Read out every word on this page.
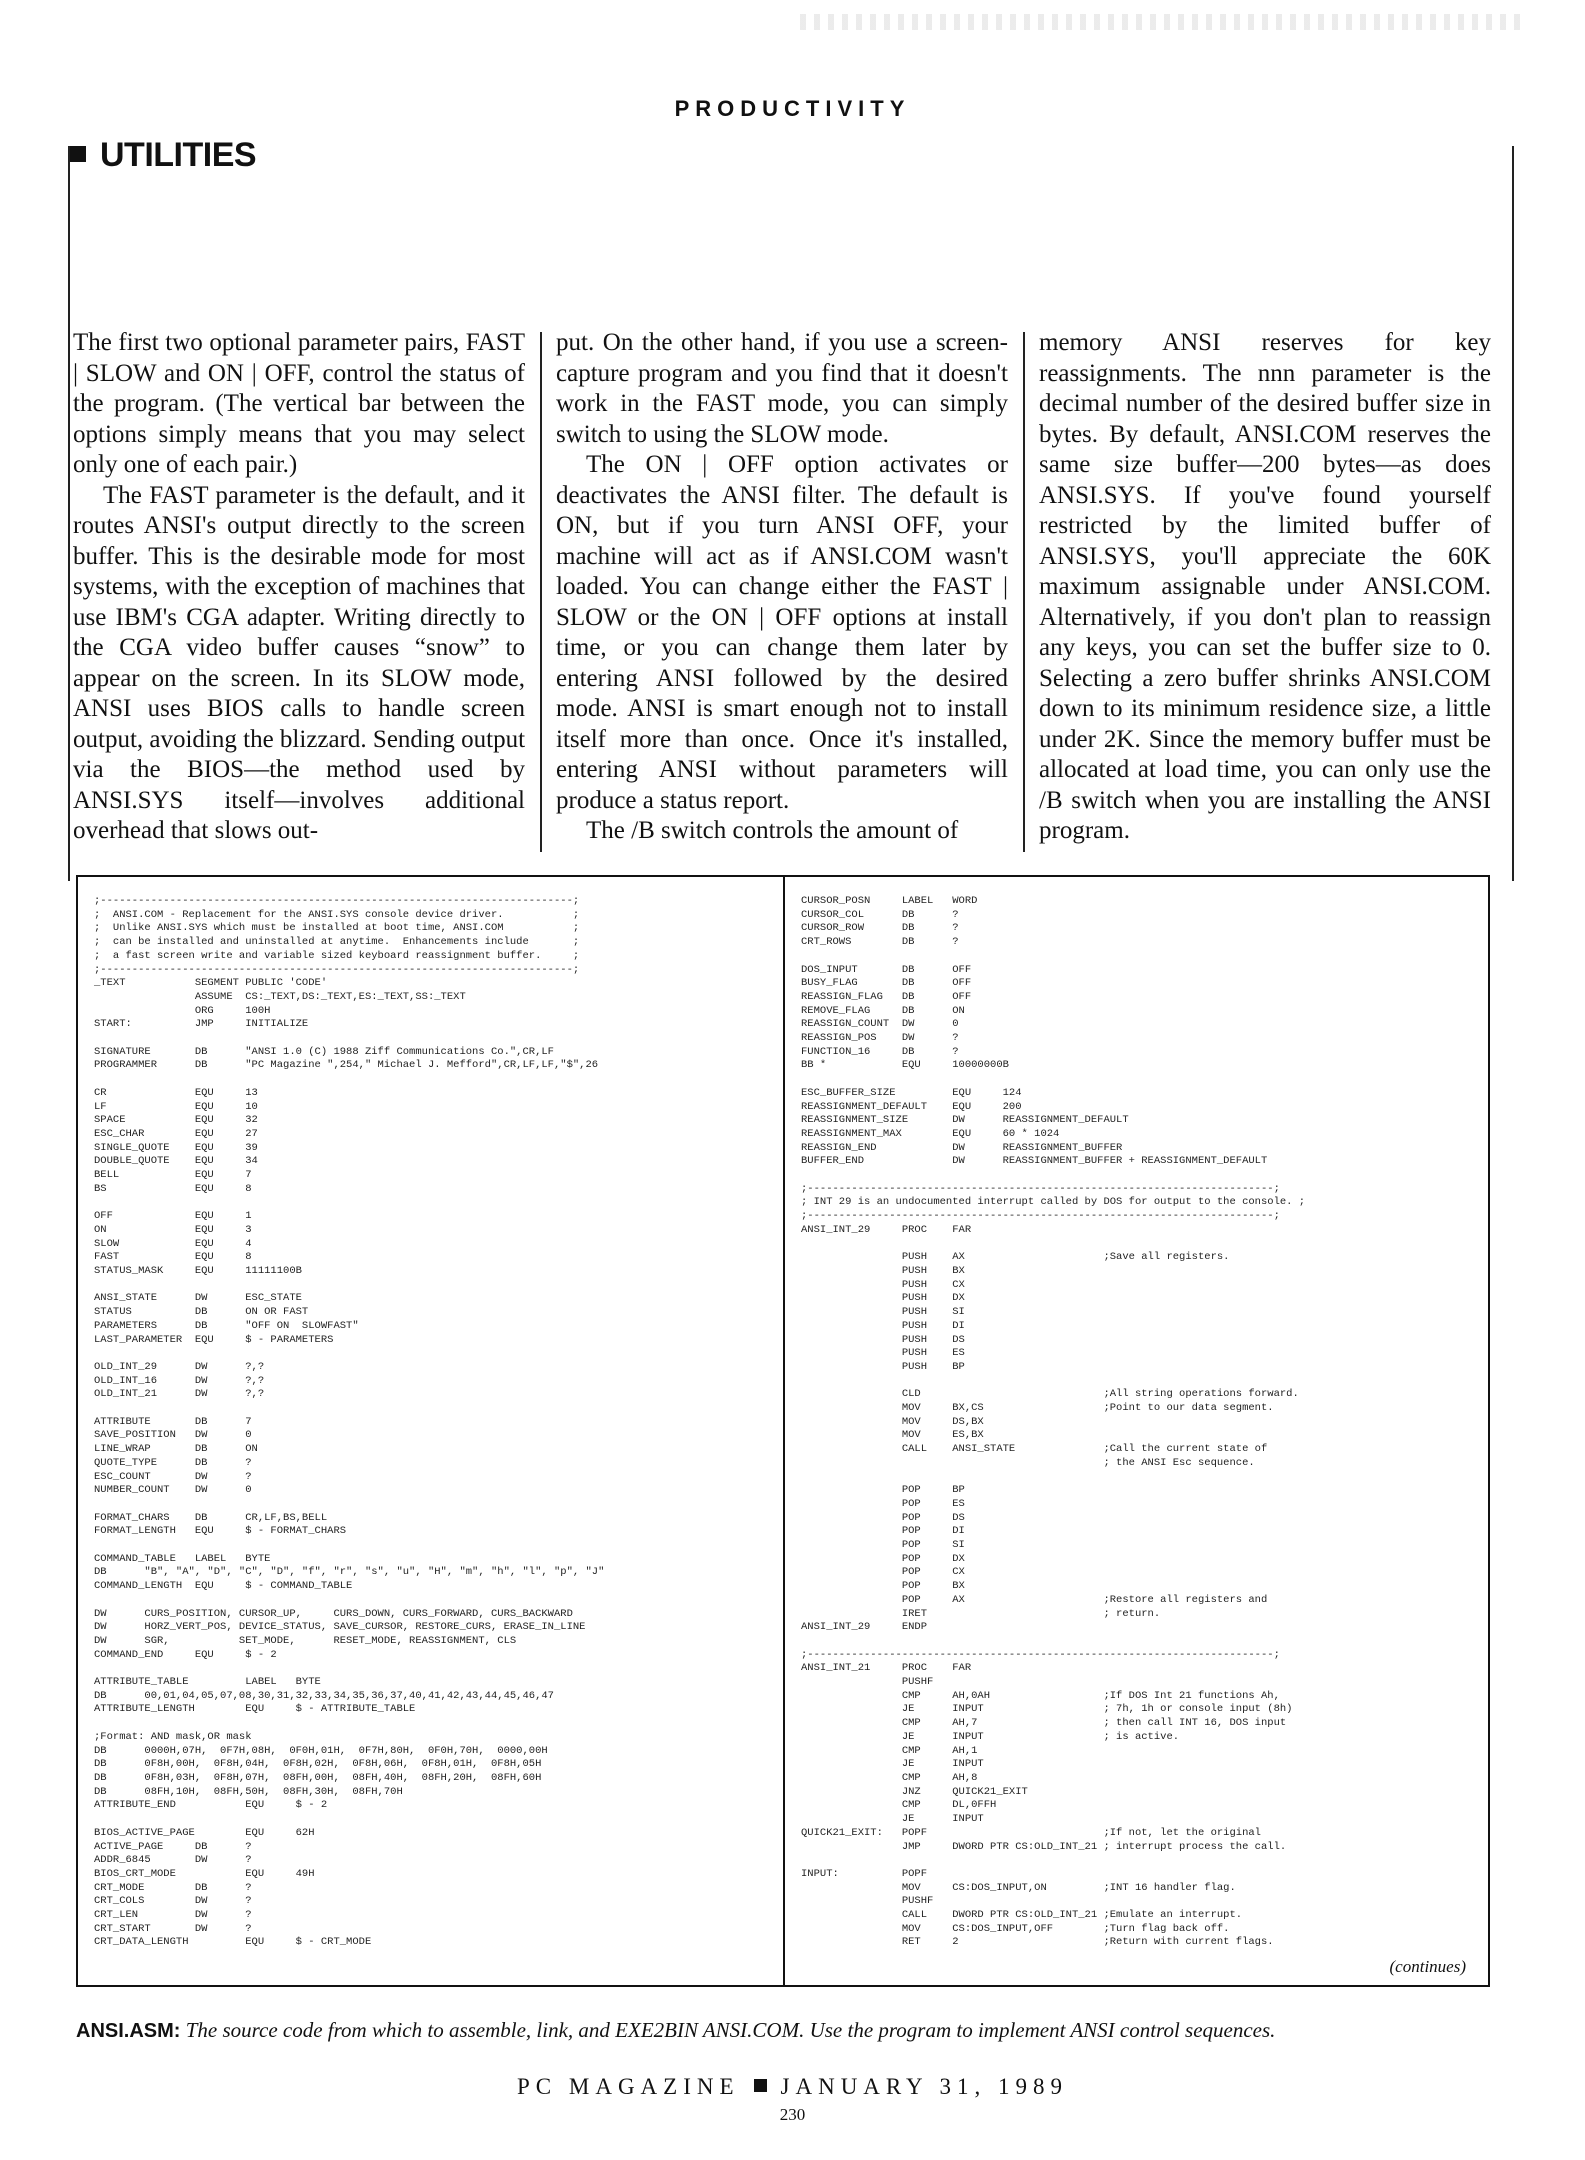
PRODUCTIVITY
UTILITIES

The first two optional parameter pairs, FAST | SLOW and ON | OFF, control the status of the program. (The vertical bar between the options simply means that you may select only one of each pair.)

The FAST parameter is the default, and it routes ANSI's output directly to the screen buffer. This is the desirable mode for most systems, with the exception of machines that use IBM's CGA adapter. Writing directly to the CGA video buffer causes “snow” to appear on the screen. In its SLOW mode, ANSI uses BIOS calls to handle screen output, avoiding the blizzard. Sending output via the BIOS—the method used by ANSI.SYS itself—involves additional overhead that slows out-

put. On the other hand, if you use a screen-capture program and you find that it doesn't work in the FAST mode, you can simply switch to using the SLOW mode.

The ON | OFF option activates or deactivates the ANSI filter. The default is ON, but if you turn ANSI OFF, your machine will act as if ANSI.COM wasn't loaded. You can change either the FAST | SLOW or the ON | OFF options at install time, or you can change them later by entering ANSI followed by the desired mode. ANSI is smart enough not to install itself more than once. Once it's installed, entering ANSI without parameters will produce a status report.

The /B switch controls the amount of

memory ANSI reserves for key reassignments. The nnn parameter is the decimal number of the desired buffer size in bytes. By default, ANSI.COM reserves the same size buffer—200 bytes—as does ANSI.SYS. If you've found yourself restricted by the limited buffer of ANSI.SYS, you'll appreciate the 60K maximum assignable under ANSI.COM. Alternatively, if you don't plan to reassign any keys, you can set the buffer size to 0. Selecting a zero buffer shrinks ANSI.COM down to its minimum residence size, a little under 2K. Since the memory buffer must be allocated at load time, you can only use the /B switch when you are installing the ANSI program.

;---------------------------------------------------------------------------;
;  ANSI.COM - Replacement for the ANSI.SYS console device driver.           ;
;  Unlike ANSI.SYS which must be installed at boot time, ANSI.COM           ;
;  can be installed and uninstalled at anytime.  Enhancements include       ;
;  a fast screen write and variable sized keyboard reassignment buffer.     ;
;---------------------------------------------------------------------------;
_TEXT           SEGMENT PUBLIC 'CODE'
ASSUME  CS:_TEXT,DS:_TEXT,ES:_TEXT,SS:_TEXT
ORG     100H
START:          JMP     INITIALIZE

SIGNATURE       DB      "ANSI 1.0 (C) 1988 Ziff Communications Co.",CR,LF
PROGRAMMER      DB      "PC Magazine ",254," Michael J. Mefford",CR,LF,LF,"$",26

CR              EQU     13
LF              EQU     10
SPACE           EQU     32
ESC_CHAR        EQU     27
SINGLE_QUOTE    EQU     39
DOUBLE_QUOTE    EQU     34
BELL            EQU     7
BS              EQU     8

OFF             EQU     1
ON              EQU     3
SLOW            EQU     4
FAST            EQU     8
STATUS_MASK     EQU     11111100B

ANSI_STATE      DW      ESC_STATE
STATUS          DB      ON OR FAST
PARAMETERS      DB      "OFF ON  SLOWFAST"
LAST_PARAMETER  EQU     $ - PARAMETERS

OLD_INT_29      DW      ?,?
OLD_INT_16      DW      ?,?
OLD_INT_21      DW      ?,?

ATTRIBUTE       DB      7
SAVE_POSITION   DW      0
LINE_WRAP       DB      ON
QUOTE_TYPE      DB      ?
ESC_COUNT       DW      ?
NUMBER_COUNT    DW      0

FORMAT_CHARS    DB      CR,LF,BS,BELL
FORMAT_LENGTH   EQU     $ - FORMAT_CHARS

COMMAND_TABLE   LABEL   BYTE
DB      "B", "A", "D", "C", "D", "f", "r", "s", "u", "H", "m", "h", "l", "p", "J"
COMMAND_LENGTH  EQU     $ - COMMAND_TABLE

DW      CURS_POSITION, CURSOR_UP,     CURS_DOWN, CURS_FORWARD, CURS_BACKWARD
DW      HORZ_VERT_POS, DEVICE_STATUS, SAVE_CURSOR, RESTORE_CURS, ERASE_IN_LINE
DW      SGR,           SET_MODE,      RESET_MODE, REASSIGNMENT, CLS
COMMAND_END     EQU     $ - 2

ATTRIBUTE_TABLE         LABEL   BYTE
DB      00,01,04,05,07,08,30,31,32,33,34,35,36,37,40,41,42,43,44,45,46,47
ATTRIBUTE_LENGTH        EQU     $ - ATTRIBUTE_TABLE

;Format: AND mask,OR mask
DB      0000H,07H,  0F7H,08H,  0F0H,01H,  0F7H,80H,  0F0H,70H,  0000,00H
DB      0F8H,00H,  0F8H,04H,  0F8H,02H,  0F8H,06H,  0F8H,01H,  0F8H,05H
DB      0F8H,03H,  0F8H,07H,  08FH,00H,  08FH,40H,  08FH,20H,  08FH,60H
DB      08FH,10H,  08FH,50H,  08FH,30H,  08FH,70H
ATTRIBUTE_END           EQU     $ - 2

BIOS_ACTIVE_PAGE        EQU     62H
ACTIVE_PAGE     DB      ?
ADDR_6845       DW      ?
BIOS_CRT_MODE           EQU     49H
CRT_MODE        DB      ?
CRT_COLS        DW      ?
CRT_LEN         DW      ?
CRT_START       DW      ?
CRT_DATA_LENGTH         EQU     $ - CRT_MODE
CURSOR_POSN     LABEL   WORD
CURSOR_COL      DB      ?
CURSOR_ROW      DB      ?
CRT_ROWS        DB      ?

DOS_INPUT       DB      OFF
BUSY_FLAG       DB      OFF
REASSIGN_FLAG   DB      OFF
REMOVE_FLAG     DB      ON
REASSIGN_COUNT  DW      0
REASSIGN_POS    DW      ?
FUNCTION_16     DB      ?
BB *            EQU     10000000B

ESC_BUFFER_SIZE         EQU     124
REASSIGNMENT_DEFAULT    EQU     200
REASSIGNMENT_SIZE       DW      REASSIGNMENT_DEFAULT
REASSIGNMENT_MAX        EQU     60 * 1024
REASSIGN_END            DW      REASSIGNMENT_BUFFER
BUFFER_END              DW      REASSIGNMENT_BUFFER + REASSIGNMENT_DEFAULT

;--------------------------------------------------------------------------;
; INT 29 is an undocumented interrupt called by DOS for output to the console. ;
;--------------------------------------------------------------------------;
ANSI_INT_29     PROC    FAR

PUSH    AX                      ;Save all registers.
PUSH    BX
PUSH    CX
PUSH    DX
PUSH    SI
PUSH    DI
PUSH    DS
PUSH    ES
PUSH    BP

CLD                             ;All string operations forward.
MOV     BX,CS                   ;Point to our data segment.
MOV     DS,BX
MOV     ES,BX
CALL    ANSI_STATE              ;Call the current state of
; the ANSI Esc sequence.

POP     BP
POP     ES
POP     DS
POP     DI
POP     SI
POP     DX
POP     CX
POP     BX
POP     AX                      ;Restore all registers and
IRET                            ; return.
ANSI_INT_29     ENDP

;--------------------------------------------------------------------------;
ANSI_INT_21     PROC    FAR
PUSHF
CMP     AH,0AH                  ;If DOS Int 21 functions Ah,
JE      INPUT                   ; 7h, 1h or console input (8h)
CMP     AH,7                    ; then call INT 16, DOS input
JE      INPUT                   ; is active.
CMP     AH,1
JE      INPUT
CMP     AH,8
JNZ     QUICK21_EXIT
CMP     DL,0FFH
JE      INPUT
QUICK21_EXIT:   POPF                            ;If not, let the original
JMP     DWORD PTR CS:OLD_INT_21 ; interrupt process the call.

INPUT:          POPF
MOV     CS:DOS_INPUT,ON         ;INT 16 handler flag.
PUSHF
CALL    DWORD PTR CS:OLD_INT_21 ;Emulate an interrupt.
MOV     CS:DOS_INPUT,OFF        ;Turn flag back off.
RET     2                       ;Return with current flags.
(continues)
ANSI.ASM: The source code from which to assemble, link, and EXE2BIN ANSI.COM. Use the program to implement ANSI control sequences.
PC MAGAZINE JANUARY 31, 1989
230
